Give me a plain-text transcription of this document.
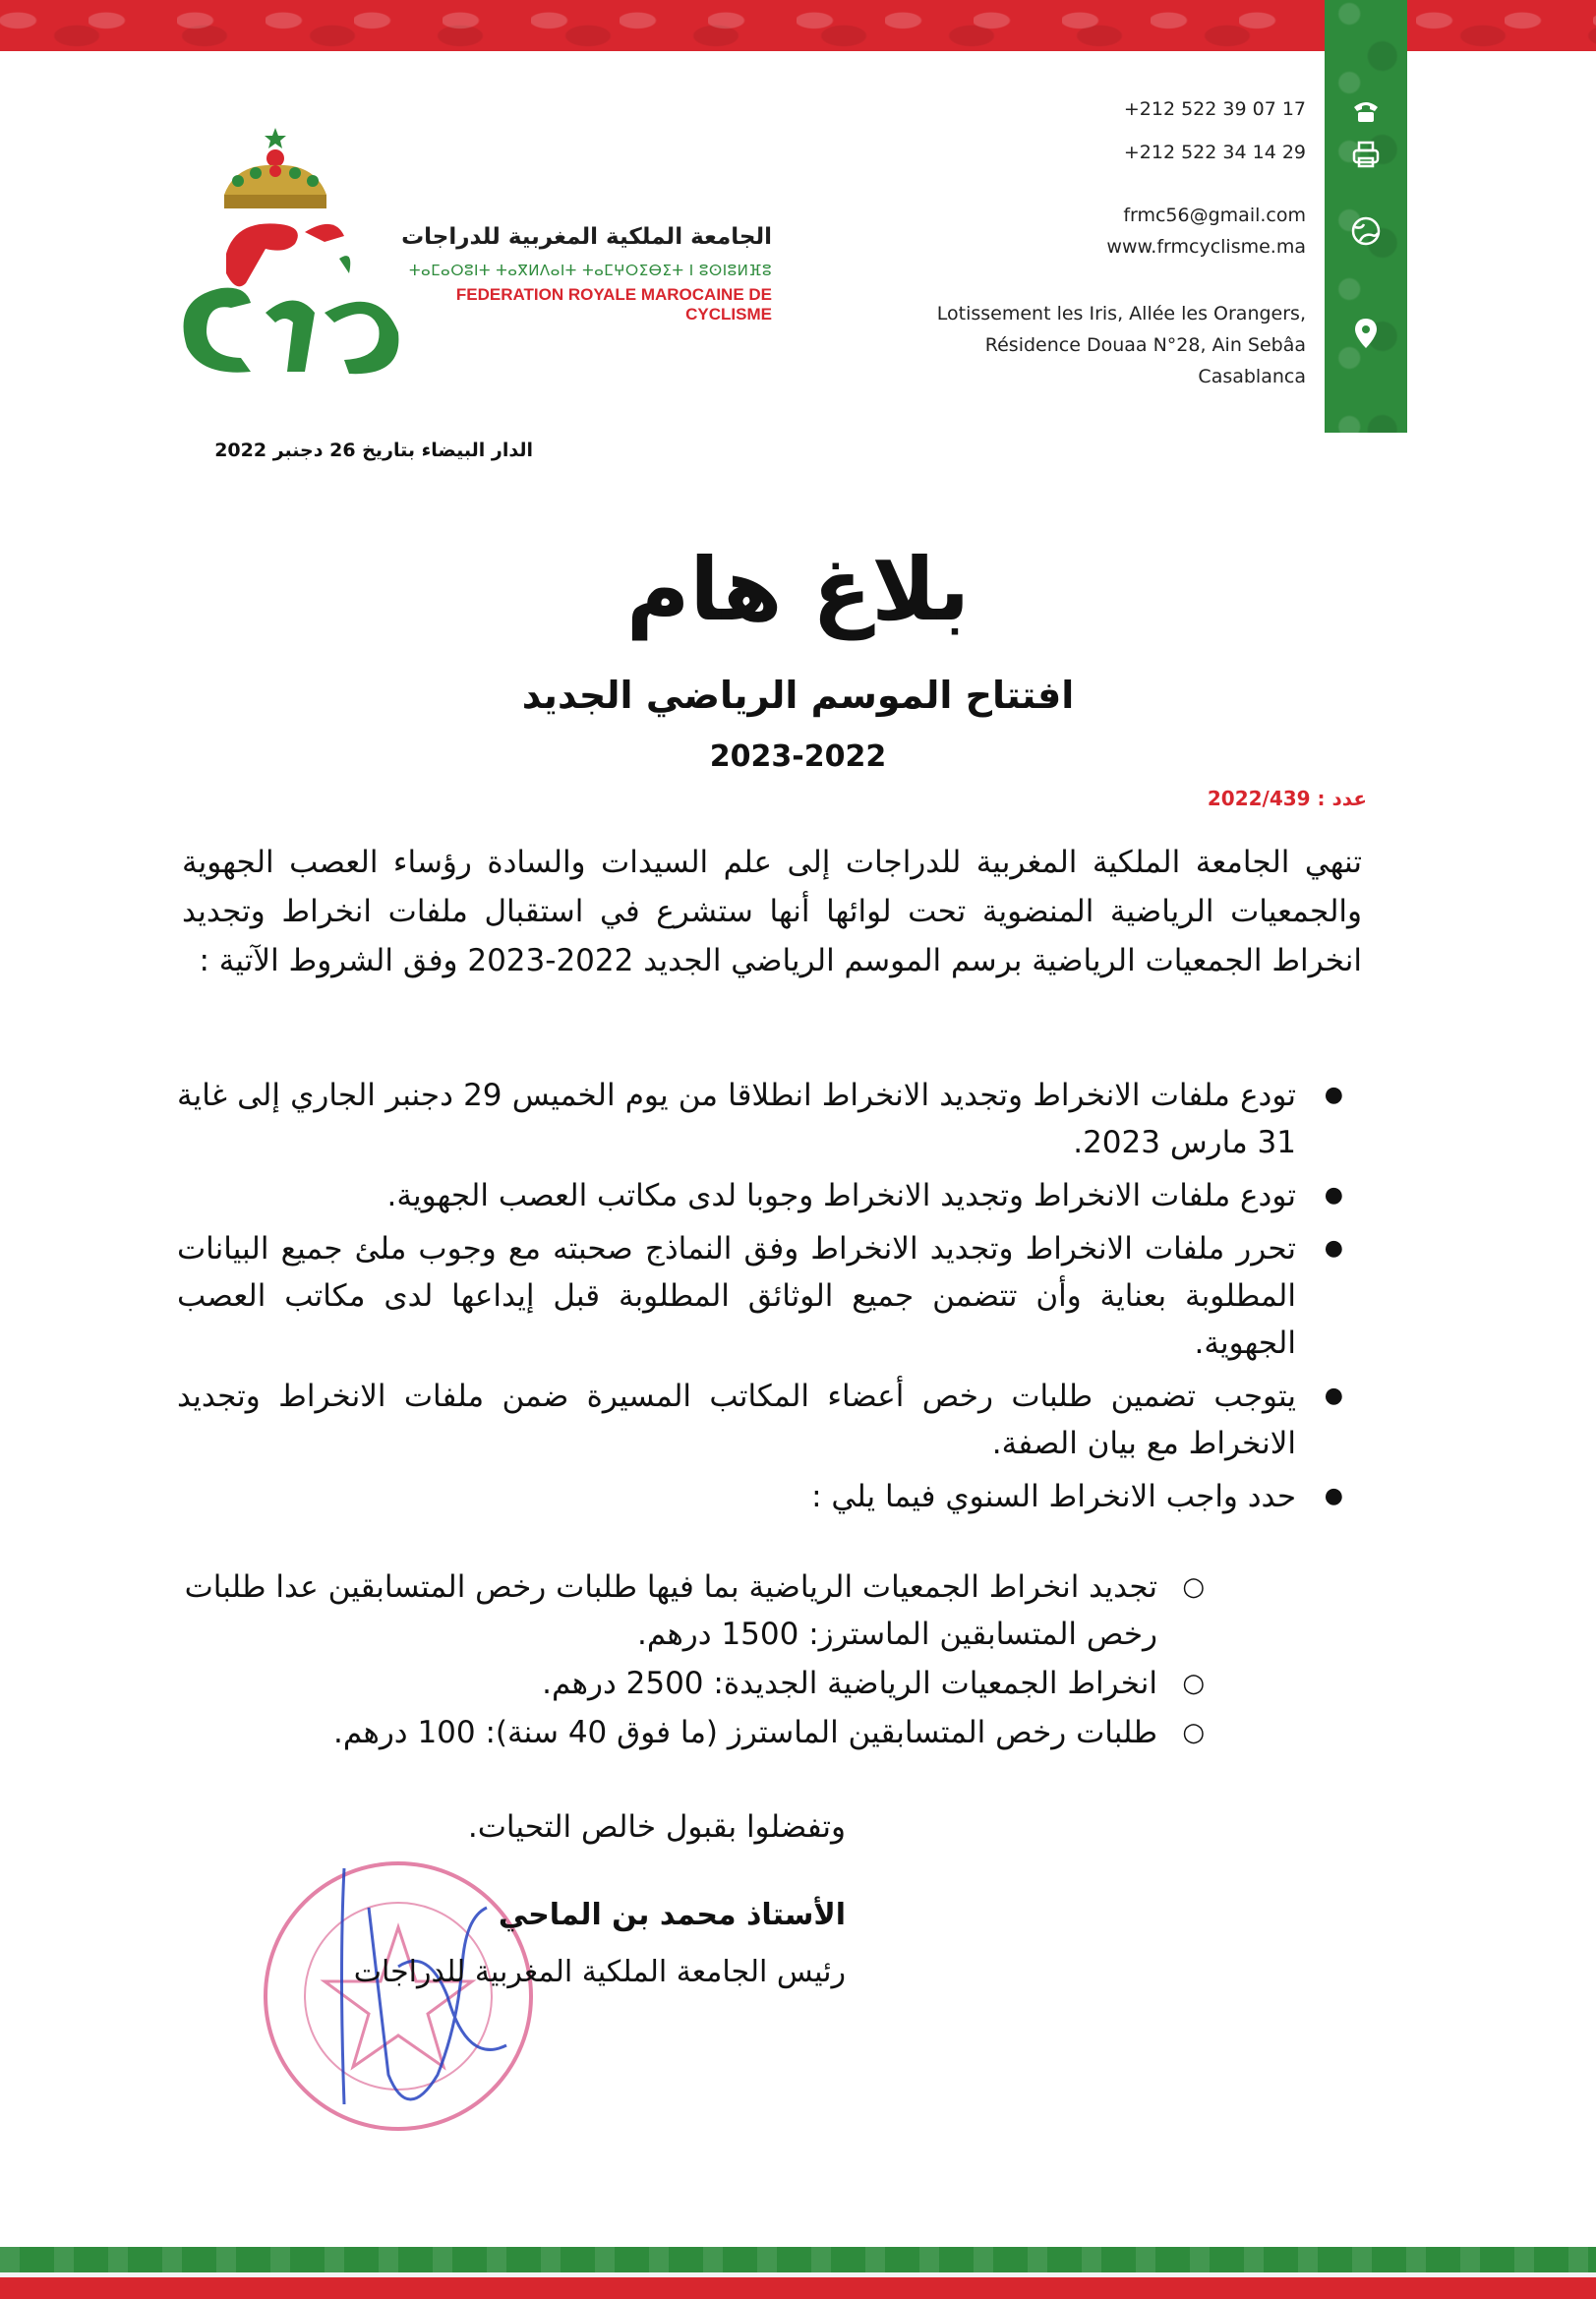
+212 522 39 07 17
+212 522 34 14 29
frmc56@gmail.com
www.frmcyclisme.ma
Lotissement les Iris, Allée les Orangers,
Résidence Douaa N°28, Ain Sebâa
Casablanca
الجامعة الملكية المغربية للدراجات
ⵜⴰⵎⴰⵔⵓⵏⵜ ⵜⴰⴳⵍⴷⴰⵏⵜ ⵜⴰⵎⵖⵔⵉⴱⵉⵜ ⵏ ⵓⵙⵏⵓⵍⴼⵓ
FEDERATION ROYALE MAROCAINE DE CYCLISME
الدار البيضاء بتاريخ 26 دجنبر 2022
بلاغ هام
افتتاح الموسم الرياضي الجديد
2023-2022
عدد : 2022/439
تنهي الجامعة الملكية المغربية للدراجات إلى علم السيدات والسادة رؤساء العصب الجهوية والجمعيات الرياضية المنضوية تحت لوائها أنها ستشرع في استقبال ملفات انخراط وتجديد انخراط الجمعيات الرياضية برسم الموسم الرياضي الجديد 2022-2023 وفق الشروط الآتية :
● تودع ملفات الانخراط وتجديد الانخراط انطلاقا من يوم الخميس 29 دجنبر الجاري إلى غاية 31 مارس 2023.
● تودع ملفات الانخراط وتجديد الانخراط وجوبا لدى مكاتب العصب الجهوية.
● تحرر ملفات الانخراط وتجديد الانخراط وفق النماذج صحبته مع وجوب ملئ جميع البيانات المطلوبة بعناية وأن تتضمن جميع الوثائق المطلوبة قبل إيداعها لدى مكاتب العصب الجهوية.
● يتوجب تضمين طلبات رخص أعضاء المكاتب المسيرة ضمن ملفات الانخراط وتجديد الانخراط مع بيان الصفة.
● حدد واجب الانخراط السنوي فيما يلي :
○ تجديد انخراط الجمعيات الرياضية بما فيها طلبات رخص المتسابقين عدا طلبات رخص المتسابقين الماسترز: 1500 درهم.
○ انخراط الجمعيات الرياضية الجديدة: 2500 درهم.
○ طلبات رخص المتسابقين الماسترز (ما فوق 40 سنة): 100 درهم.
وتفضلوا بقبول خالص التحيات.
الأستاذ محمد بن الماحي
رئيس الجامعة الملكية المغربية للدراجات
